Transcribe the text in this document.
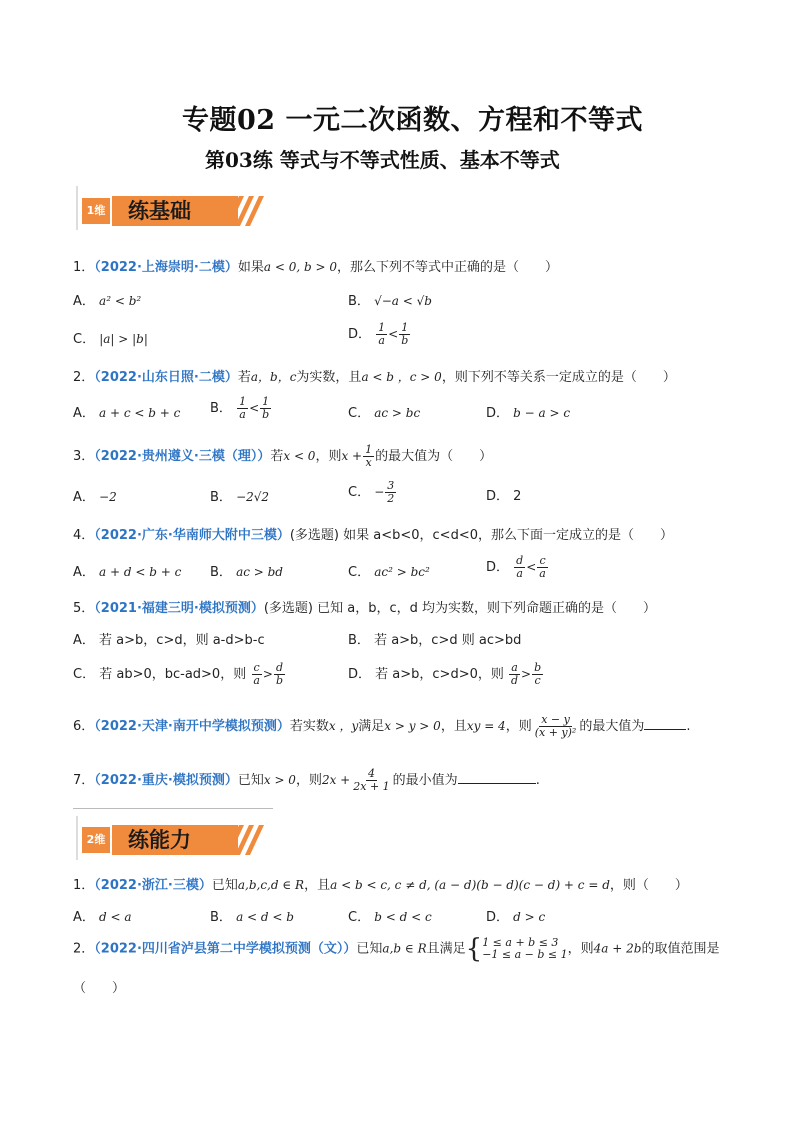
专题02 一元二次函数、方程和不等式
第03练 等式与不等式性质、基本不等式
1维	练基础
1．（2022·上海崇明·二模）如果a < 0, b > 0，那么下列不等式中正确的是（　　）
A． a² < b²	B． √−a < √b
C． |a| > |b|	D． $\frac{1}{a} < \frac{1}{b}$
2．（2022·山东日照·二模）若a，b，c为实数，且a < b ，c > 0，则下列不等关系一定成立的是（　　）
A． a + c < b + c B． $\frac{1}{a} < \frac{1}{b}$	C． ac > bc	D． b − a > c
3．（2022·贵州遵义·三模（理））若x < 0，则$x + \frac{1}{x}$ 的最大值为（　　）
A． −2	B． −2√2	C． − $\frac{3}{2}$	D． 2
4．（2022·广东·华南师大附中三模）(多选题) 如果 a<b<0，c<d<0，那么下面一定成立的是（　　）
A． a + d < b + c B． ac > bd	C． ac² > bc²	D． $\frac{d}{a} < \frac{c}{a}$
5．（2021·福建三明·模拟预测）(多选题) 已知 a，b，c，d 均为实数，则下列命题正确的是（　　）
A． 若 a>b，c>d，则 a-d>b-c	B． 若 a>b，c>d 则 ac>bd
C． 若 ab>0，bc-ad>0，则 $\frac{c}{a} > \frac{d}{b}$	D． 若 a>b，c>d>0，则 $\frac{a}{d} > \frac{b}{c}$
6．（2022·天津·南开中学模拟预测）若实数x ，y满足x > y > 0，且xy = 4，则 $\frac{x - y}{\text{(x + y)²}}$ 的最大值为	.
7．（2022·重庆·模拟预测）已知x > 0，则$2x + \frac{4}{2x + 1}$ 的最小值为	.
2维	练能力
1．（2022·浙江·三模）已知a,b,c,d ∈ R，且a < b < c, c ≠ d, (a − d)(b − d)(c − d) + c = d，则（　　）
A． d < a	B． a < d < b	C． b < d < c	D． d > c
2．（2022·四川省泸县第二中学模拟预测（文））已知a,b ∈ R且满足{ 1 ≤ a + b ≤ 3
−1 ≤ a − b ≤ 1 ，则4a + 2b的取值范围是
（　　）
